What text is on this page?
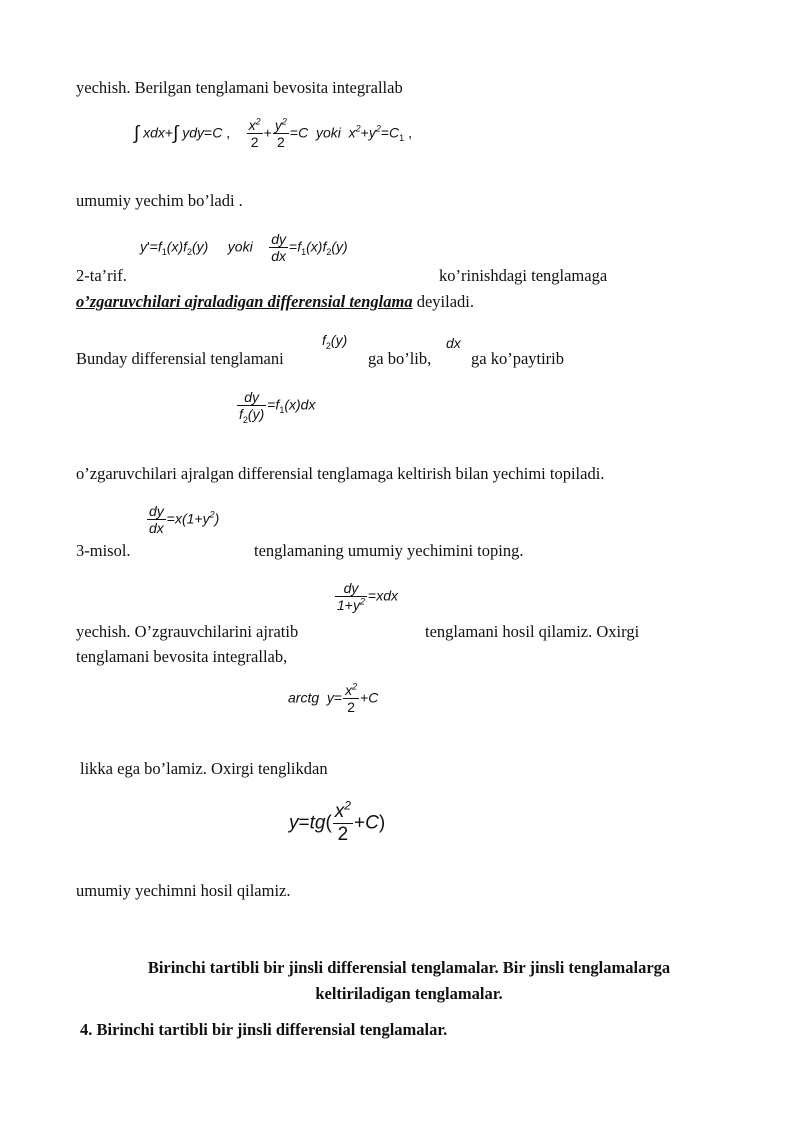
yechish. Berilgan tenglamani bevosita integrallab
∫ xdx+∫ ydy=C , $\frac{x^2}{2} + \frac{y^2}{2} =C$  yoki  $x^2+y^2=C_1$ ,
umumiy yechim bo’ladi .
$y'=f_1(x)f_2(y)$     yoki $\frac{dy}{dx} =f_1(x)f_2(y)$
2-ta’rif.	ko’rinishdagi tenglamaga
o’zgaruvchilari ajraladigan differensial tenglama deyiladi.
$f_2(y)$	dx
Bunday differensial tenglamani	ga bo’lib, ga ko’paytirib
$\frac{dy}{f_2(y)} =f_1(x)dx$
o’zgaruvchilari ajralgan differensial tenglamaga keltirish bilan yechimi topiladi.
$\frac{dy}{dx} =x(1+y^2)$
3-misol.	tenglamaning umumiy yechimini toping.
$\frac{dy}{1+y^2} =xdx$
yechish. O’zgrauvchilarini ajratib	tenglamani hosil qilamiz. Oxirgi
tenglamani bevosita integrallab,
arctg  $y= \frac{x^2}{2} +C$
likka ega bo’lamiz. Oxirgi tenglikdan
$y=tg( \frac{x^2}{2} +C)$
umumiy yechimni hosil qilamiz.
Birinchi tartibli bir jinsli differensial tenglamalar. Bir jinsli tenglamalarga
keltiriladigan tenglamalar.
4. Birinchi tartibli bir jinsli differensial tenglamalar.
